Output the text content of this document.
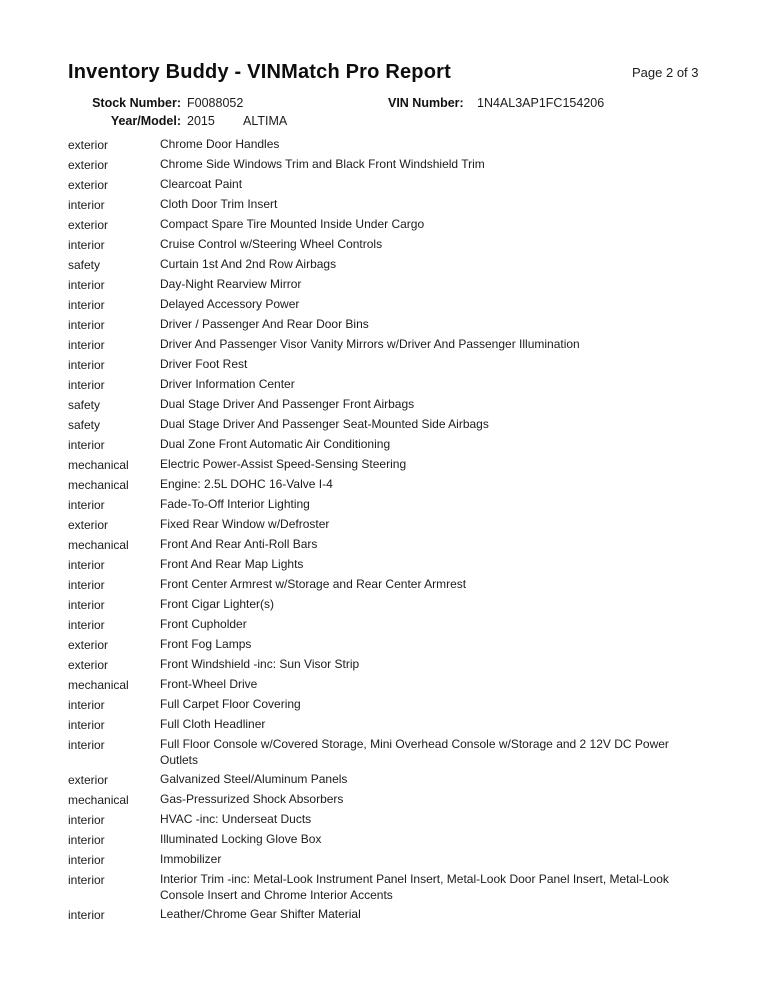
Inventory Buddy - VINMatch Pro Report	Page 2 of 3
Stock Number: F0088052	VIN Number: 1N4AL3AP1FC154206
Year/Model: 2015 ALTIMA
exterior	Chrome Door Handles
exterior	Chrome Side Windows Trim and Black Front Windshield Trim
exterior	Clearcoat Paint
interior	Cloth Door Trim Insert
exterior	Compact Spare Tire Mounted Inside Under Cargo
interior	Cruise Control w/Steering Wheel Controls
safety	Curtain 1st And 2nd Row Airbags
interior	Day-Night Rearview Mirror
interior	Delayed Accessory Power
interior	Driver / Passenger And Rear Door Bins
interior	Driver And Passenger Visor Vanity Mirrors w/Driver And Passenger Illumination
interior	Driver Foot Rest
interior	Driver Information Center
safety	Dual Stage Driver And Passenger Front Airbags
safety	Dual Stage Driver And Passenger Seat-Mounted Side Airbags
interior	Dual Zone Front Automatic Air Conditioning
mechanical	Electric Power-Assist Speed-Sensing Steering
mechanical	Engine: 2.5L DOHC 16-Valve I-4
interior	Fade-To-Off Interior Lighting
exterior	Fixed Rear Window w/Defroster
mechanical	Front And Rear Anti-Roll Bars
interior	Front And Rear Map Lights
interior	Front Center Armrest w/Storage and Rear Center Armrest
interior	Front Cigar Lighter(s)
interior	Front Cupholder
exterior	Front Fog Lamps
exterior	Front Windshield -inc: Sun Visor Strip
mechanical	Front-Wheel Drive
interior	Full Carpet Floor Covering
interior	Full Cloth Headliner
interior	Full Floor Console w/Covered Storage, Mini Overhead Console w/Storage and 2 12V DC Power Outlets
exterior	Galvanized Steel/Aluminum Panels
mechanical	Gas-Pressurized Shock Absorbers
interior	HVAC -inc: Underseat Ducts
interior	Illuminated Locking Glove Box
interior	Immobilizer
interior	Interior Trim -inc: Metal-Look Instrument Panel Insert, Metal-Look Door Panel Insert, Metal-Look Console Insert and Chrome Interior Accents
interior	Leather/Chrome Gear Shifter Material
